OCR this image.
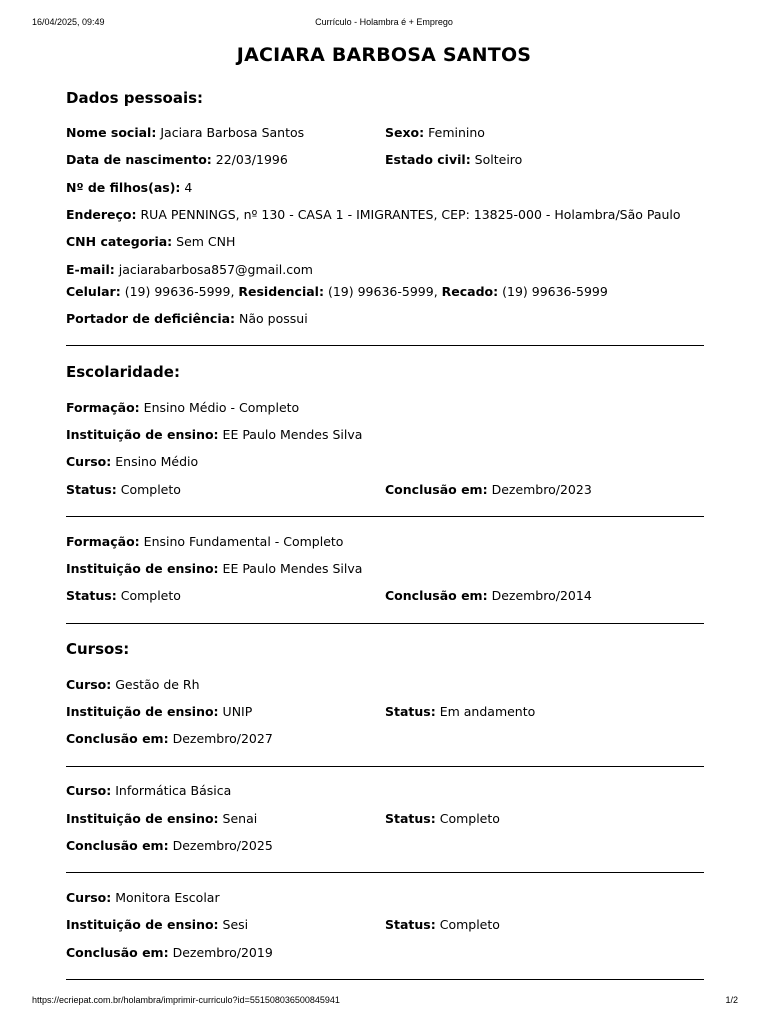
Currículo - Holambra é + Emprego
16/04/2025, 09:49
JACIARA BARBOSA SANTOS
Dados pessoais:
Nome social: Jaciara Barbosa Santos	Sexo: Feminino
Data de nascimento: 22/03/1996	Estado civil: Solteiro
Nº de filhos(as): 4
Endereço: RUA PENNINGS, nº 130 - CASA 1 - IMIGRANTES, CEP: 13825-000 - Holambra/São Paulo
CNH categoria: Sem CNH
E-mail: jaciarabarbosa857@gmail.com
Celular: (19) 99636-5999, Residencial: (19) 99636-5999, Recado: (19) 99636-5999
Portador de deficiência: Não possui
Escolaridade:
Formação: Ensino Médio - Completo
Instituição de ensino: EE Paulo Mendes Silva
Curso: Ensino Médio
Status: Completo	Conclusão em: Dezembro/2023
Formação: Ensino Fundamental - Completo
Instituição de ensino: EE Paulo Mendes Silva
Status: Completo	Conclusão em: Dezembro/2014
Cursos:
Curso: Gestão de Rh
Instituição de ensino: UNIP	Status: Em andamento
Conclusão em: Dezembro/2027
Curso: Informática Básica
Instituição de ensino: Senai	Status: Completo
Conclusão em: Dezembro/2025
Curso: Monitora Escolar
Instituição de ensino: Sesi	Status: Completo
Conclusão em: Dezembro/2019
https://ecriepat.com.br/holambra/imprimir-curriculo?id=551508036500845941	1/2
